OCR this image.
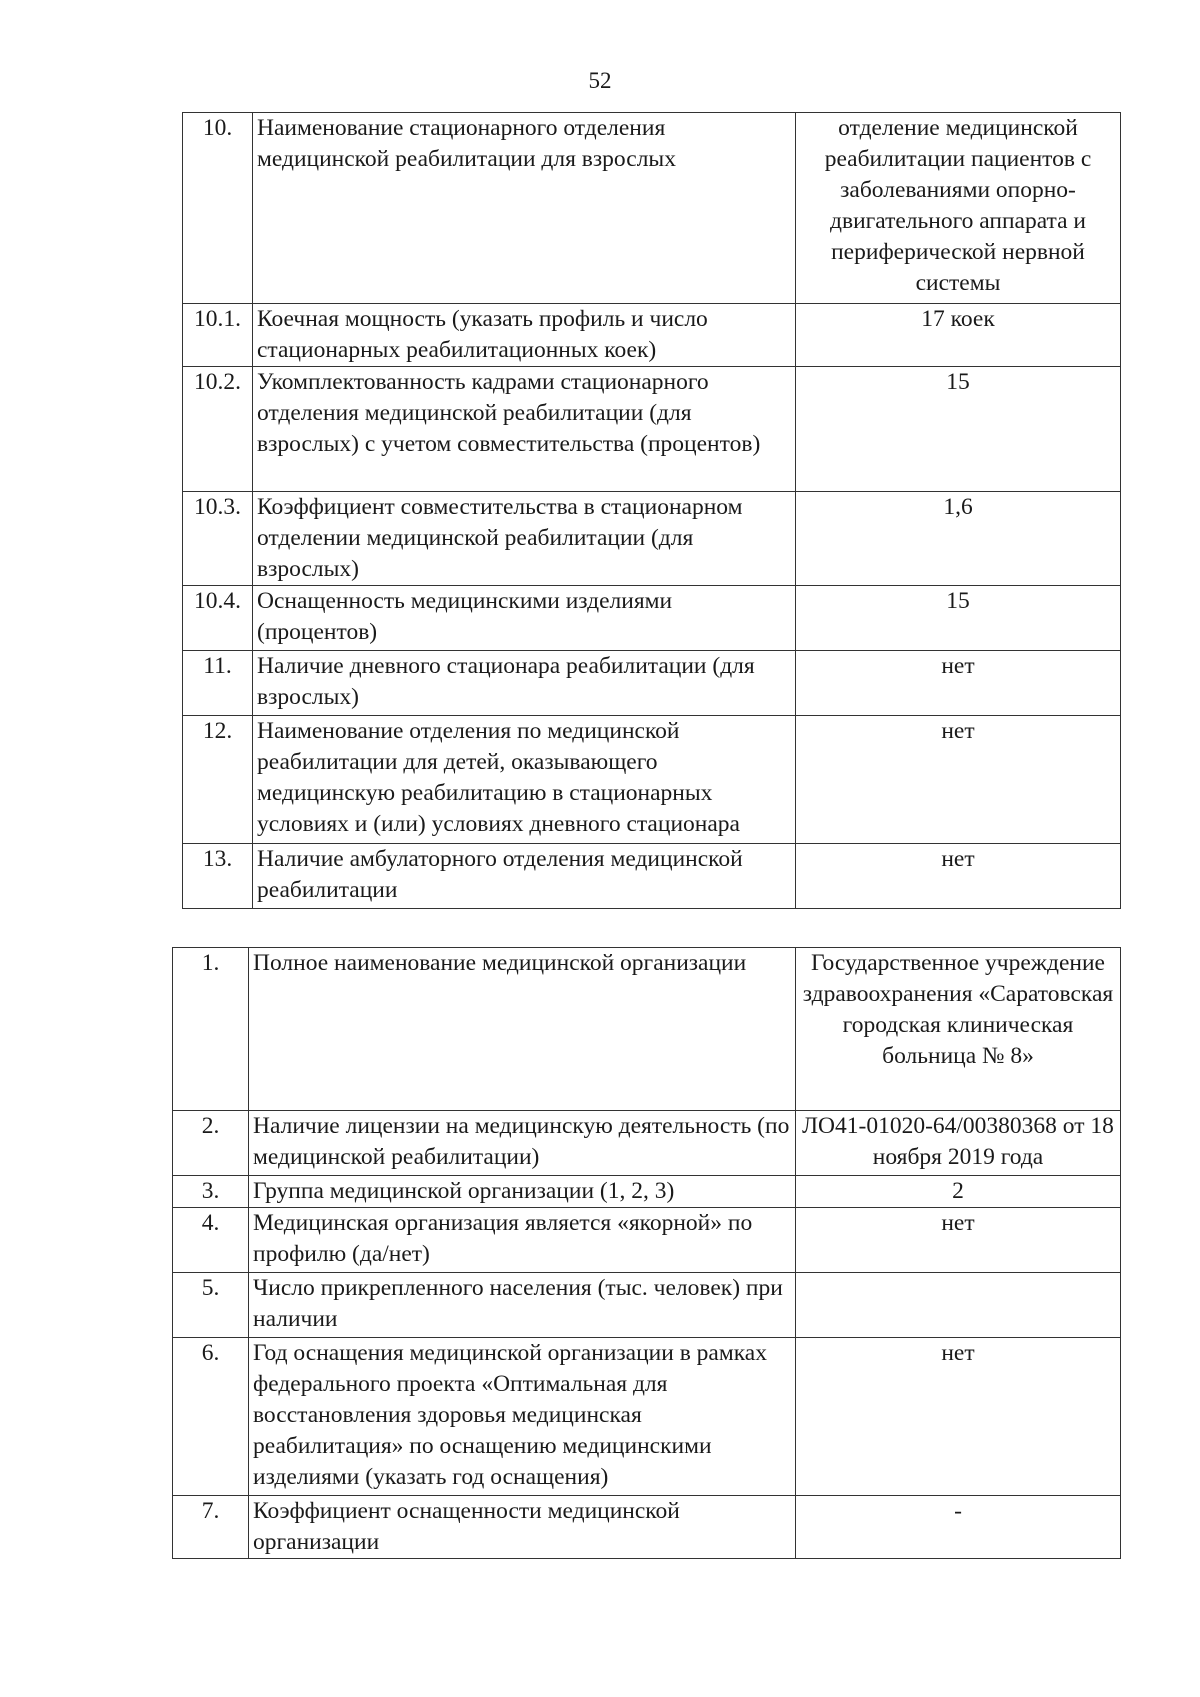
52
10.	Наименование стационарного отделения медицинской реабилитации для взрослых	отделение медицинской реабилитации пациентов с заболеваниями опорно-двигательного аппарата и периферической нервной системы
10.1.	Коечная мощность (указать профиль и число стационарных реабилитационных коек)	17 коек
10.2.	Укомплектованность кадрами стационарного отделения медицинской реабилитации (для взрослых) с учетом совместительства (процентов)	15
10.3.	Коэффициент совместительства в стационарном отделении медицинской реабилитации (для взрослых)	1,6
10.4.	Оснащенность медицинскими изделиями (процентов)	15
11.	Наличие дневного стационара реабилитации (для взрослых)	нет
12.	Наименование отделения по медицинской реабилитации для детей, оказывающего медицинскую реабилитацию в стационарных условиях и (или) условиях дневного стационара	нет
13.	Наличие амбулаторного отделения медицинской реабилитации	нет
1.	Полное наименование медицинской организации	Государственное учреждение здравоохранения «Саратовская городская клиническая больница № 8»
2.	Наличие лицензии на медицинскую деятельность (по медицинской реабилитации)	ЛО41-01020-64/00380368 от 18 ноября 2019 года
3.	Группа медицинской организации (1, 2, 3)	2
4.	Медицинская организация является «якорной» по профилю (да/нет)	нет
5.	Число прикрепленного населения (тыс. человек) при наличии	
6.	Год оснащения медицинской организации в рамках федерального проекта «Оптимальная для восстановления здоровья медицинская реабилитация» по оснащению медицинскими изделиями (указать год оснащения)	нет
7.	Коэффициент оснащенности медицинской организации	-
